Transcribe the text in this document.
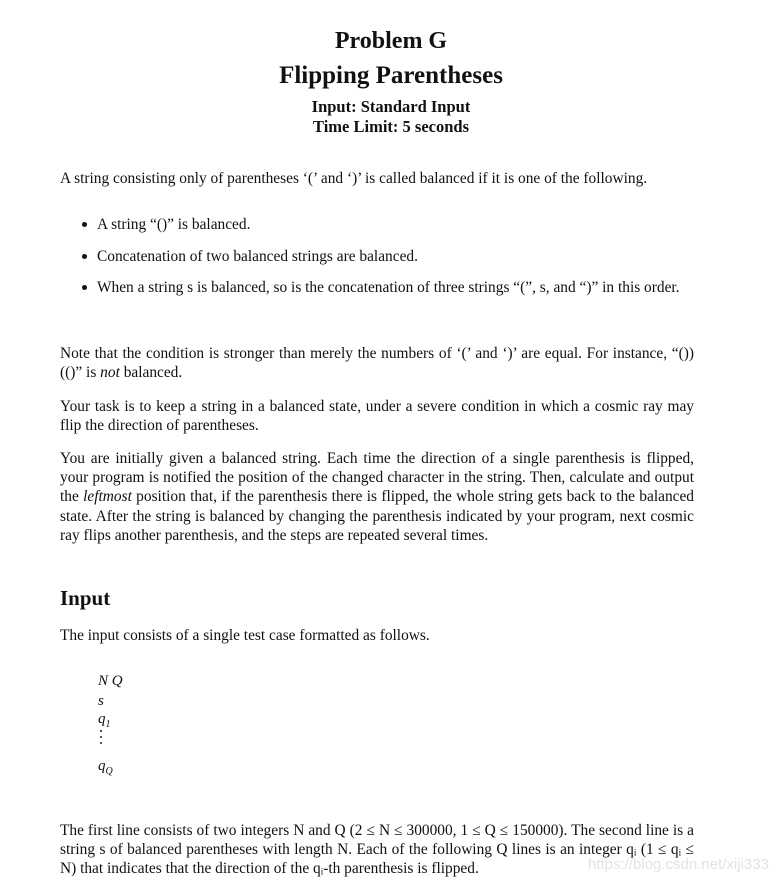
Problem G
Flipping Parentheses
Input: Standard Input
Time Limit: 5 seconds
A string consisting only of parentheses ‘(’ and ‘)’ is called balanced if it is one of the following.
A string “()” is balanced.
Concatenation of two balanced strings are balanced.
When a string s is balanced, so is the concatenation of three strings “(”, s, and “)” in this order.
Note that the condition is stronger than merely the numbers of ‘(’ and ‘)’ are equal. For instance, “())(()” is not balanced.
Your task is to keep a string in a balanced state, under a severe condition in which a cosmic ray may flip the direction of parentheses.
You are initially given a balanced string. Each time the direction of a single parenthesis is flipped, your program is notified the position of the changed character in the string. Then, calculate and output the leftmost position that, if the parenthesis there is flipped, the whole string gets back to the balanced state. After the string is balanced by changing the parenthesis indicated by your program, next cosmic ray flips another parenthesis, and the steps are repeated several times.
Input
The input consists of a single test case formatted as follows.
N Q
s
$q_1$
$q_Q$
The first line consists of two integers N and Q (2 ≤ N ≤ 300000, 1 ≤ Q ≤ 150000). The second line is a string s of balanced parentheses with length N. Each of the following Q lines is an integer qᵢ (1 ≤ qᵢ ≤ N) that indicates that the direction of the qᵢ-th parenthesis is flipped.	https://blog.csdn.net/xiji333
